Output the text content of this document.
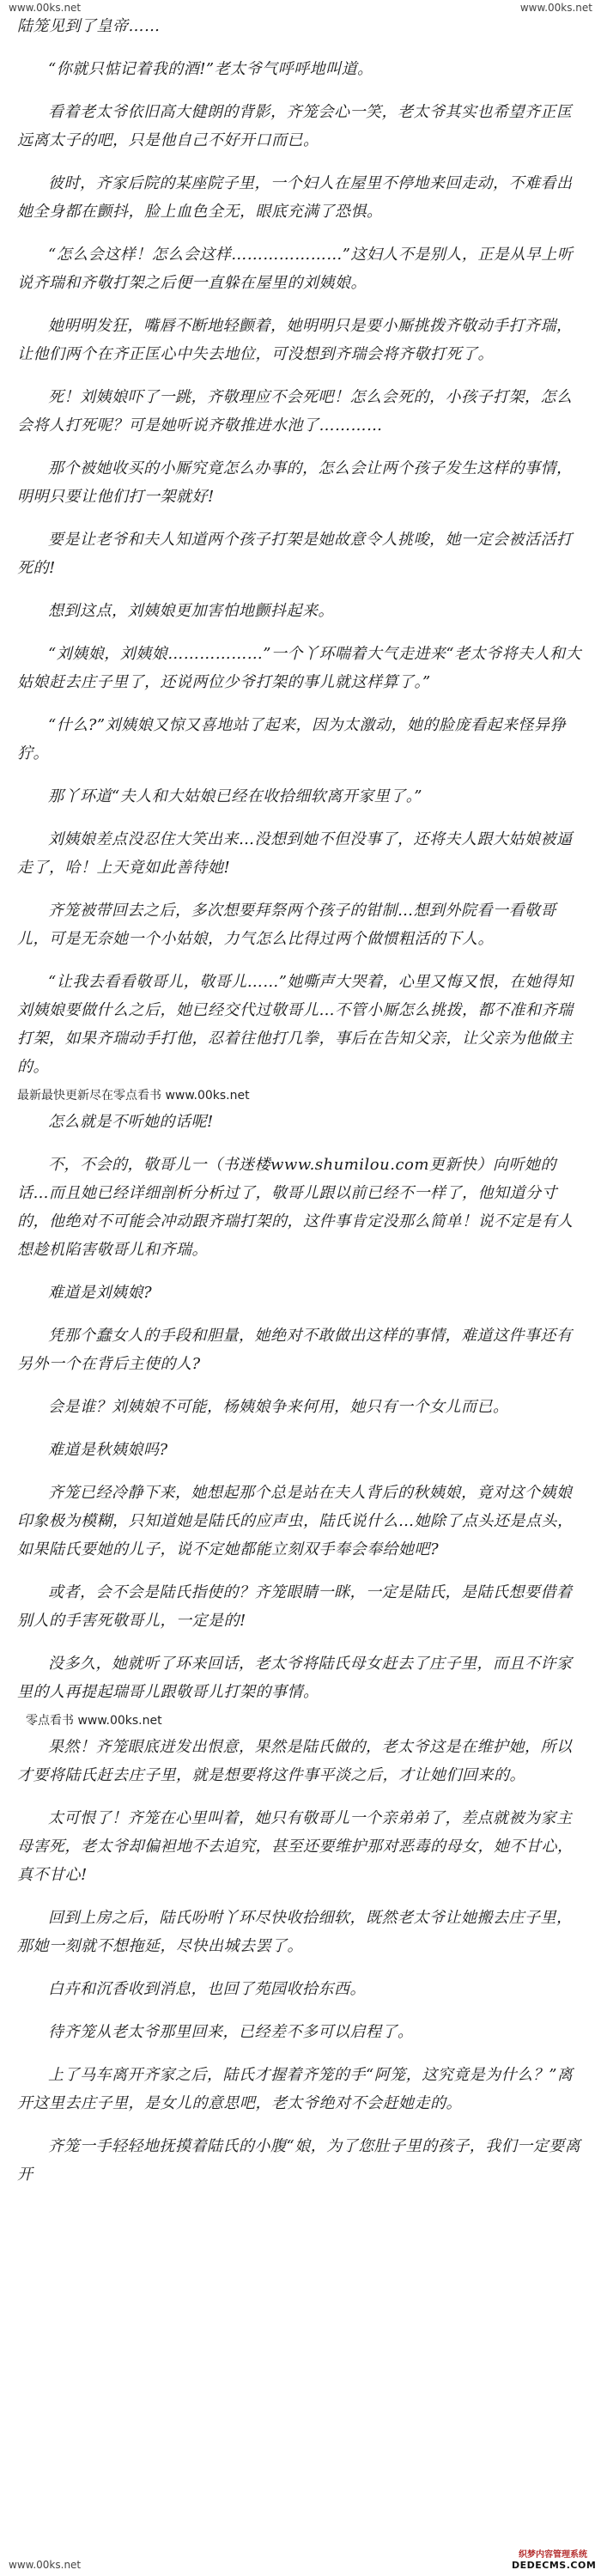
www.00ks.net	www.00ks.net

陆笼见到了皇帝……

“你就只惦记着我的酒!”老太爷气呼呼地叫道。

看着老太爷依旧高大健朗的背影，齐笼会心一笑，老太爷其实也希望齐正匡远离太子的吧，只是他自己不好开口而已。

彼时，齐家后院的某座院子里，一个妇人在屋里不停地来回走动，不难看出她全身都在颤抖，脸上血色全无，眼底充满了恐惧。

“怎么会这样！怎么会这样…………………”这妇人不是别人，正是从早上听说齐瑞和齐敬打架之后便一直躲在屋里的刘姨娘。

她明明发狂，嘴唇不断地轻颤着，她明明只是要小厮挑拨齐敬动手打齐瑞，让他们两个在齐正匡心中失去地位，可没想到齐瑞会将齐敬打死了。

死！刘姨娘吓了一跳，齐敬理应不会死吧！怎么会死的，小孩子打架，怎么会将人打死呢？可是她听说齐敬推进水池了…………

那个被她收买的小厮究竟怎么办事的，怎么会让两个孩子发生这样的事情，明明只要让他们打一架就好!

要是让老爷和夫人知道两个孩子打架是她故意令人挑唆，她一定会被活活打死的!

想到这点，刘姨娘更加害怕地颤抖起来。

“刘姨娘，刘姨娘………………”一个丫环喘着大气走进来“老太爷将夫人和大姑娘赶去庄子里了，还说两位少爷打架的事儿就这样算了。”

“什么?”刘姨娘又惊又喜地站了起来，因为太激动，她的脸庞看起来怪异狰狞。

那丫环道“夫人和大姑娘已经在收拾细软离开家里了。”

刘姨娘差点没忍住大笑出来…没想到她不但没事了，还将夫人跟大姑娘被逼走了，哈！上天竟如此善待她!

齐笼被带回去之后，多次想要拜祭两个孩子的钳制…想到外院看一看敬哥儿，可是无奈她一个小姑娘，力气怎么比得过两个做惯粗活的下人。

“让我去看看敬哥儿，敬哥儿……”她嘶声大哭着，心里又悔又恨，在她得知刘姨娘要做什么之后，她已经交代过敬哥儿…不管小厮怎么挑拨，都不准和齐瑞打架，如果齐瑞动手打他，忍着往他打几拳，事后在告知父亲，让父亲为他做主的。

最新最快更新尽在零点看书 www.00ks.net

怎么就是不听她的话呢!

不，不会的，敬哥儿一（书迷楼www.shumilou.com更新快）向听她的话…而且她已经详细剖析分析过了，敬哥儿跟以前已经不一样了，他知道分寸的，他绝对不可能会冲动跟齐瑞打架的，这件事肯定没那么简单！说不定是有人想趁机陷害敬哥儿和齐瑞。

难道是刘姨娘?

凭那个蠢女人的手段和胆量，她绝对不敢做出这样的事情，难道这件事还有另外一个在背后主使的人?

会是谁？刘姨娘不可能，杨姨娘争来何用，她只有一个女儿而已。

难道是秋姨娘吗?

齐笼已经冷静下来，她想起那个总是站在夫人背后的秋姨娘，竟对这个姨娘印象极为模糊，只知道她是陆氏的应声虫，陆氏说什么…她除了点头还是点头，如果陆氏要她的儿子，说不定她都能立刻双手奉会奉给她吧?

或者，会不会是陆氏指使的？齐笼眼睛一眯，一定是陆氏，是陆氏想要借着别人的手害死敬哥儿，一定是的!

没多久，她就听了环来回话，老太爷将陆氏母女赶去了庄子里，而且不许家里的人再提起瑞哥儿跟敬哥儿打架的事情。

零点看书 www.00ks.net

果然！齐笼眼底迸发出恨意，果然是陆氏做的，老太爷这是在维护她，所以才要将陆氏赶去庄子里，就是想要将这件事平淡之后，才让她们回来的。

太可恨了！齐笼在心里叫着，她只有敬哥儿一个亲弟弟了，差点就被为家主母害死，老太爷却偏袒地不去追究，甚至还要维护那对恶毒的母女，她不甘心，真不甘心!

回到上房之后，陆氏吩咐丫环尽快收拾细软，既然老太爷让她搬去庄子里，那她一刻就不想拖延，尽快出城去罢了。

白卉和沉香收到消息，也回了苑园收拾东西。

待齐笼从老太爷那里回来，已经差不多可以启程了。

上了马车离开齐家之后，陆氏才握着齐笼的手“阿笼，这究竟是为什么？”离开这里去庄子里，是女儿的意思吧，老太爷绝对不会赶她走的。

齐笼一手轻轻地抚摸着陆氏的小腹“娘，为了您肚子里的孩子，我们一定要离开

www.00ks.net
织梦内容管理系统
DEDECMS.COM
